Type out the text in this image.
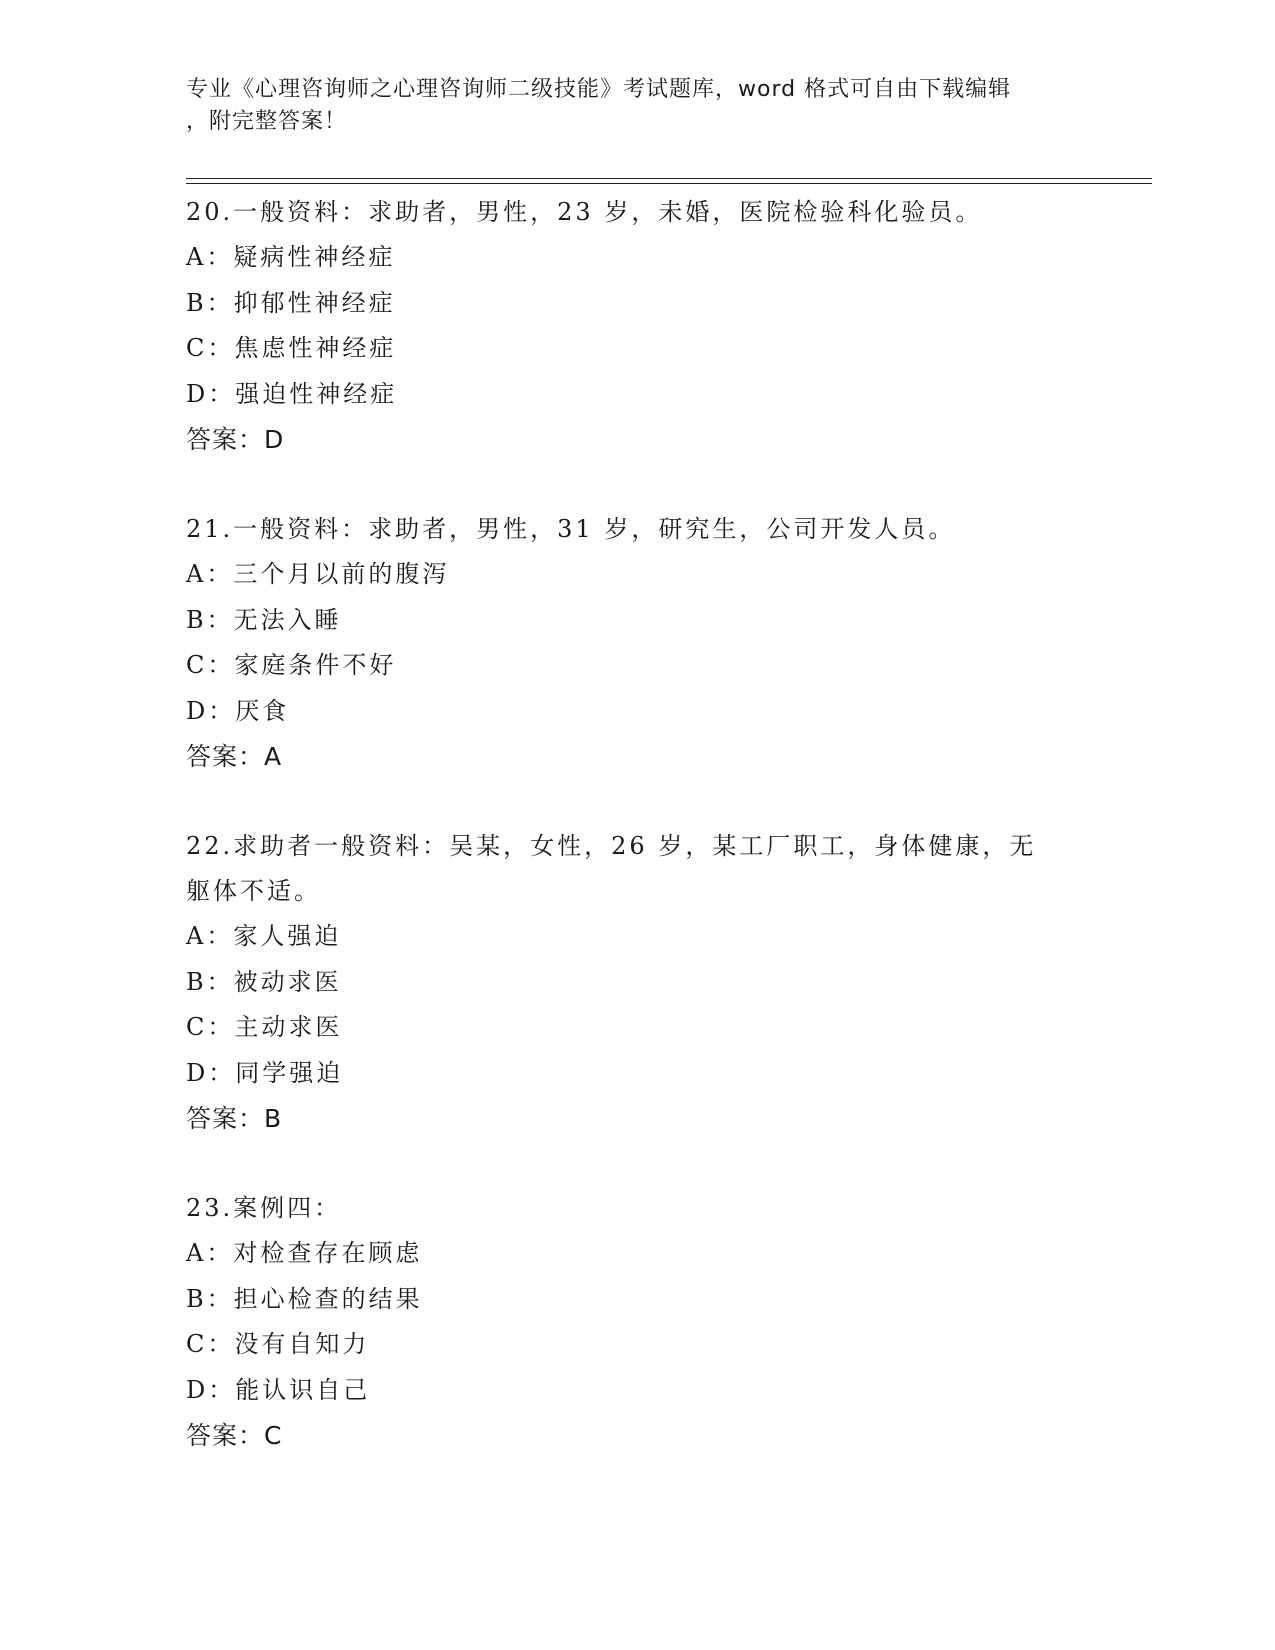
专业《心理咨询师之心理咨询师二级技能》考试题库，word 格式可自由下载编辑
，附完整答案！

20.一般资料：求助者，男性，23 岁，未婚，医院检验科化验员。

A：疑病性神经症

B：抑郁性神经症

C：焦虑性神经症

D：强迫性神经症

答案：D

21.一般资料：求助者，男性，31 岁，研究生，公司开发人员。

A：三个月以前的腹泻

B：无法入睡

C：家庭条件不好

D：厌食

答案：A

22.求助者一般资料：吴某，女性，26 岁，某工厂职工，身体健康，无

躯体不适。

A：家人强迫

B：被动求医

C：主动求医

D：同学强迫

答案：B

23.案例四：

A：对检查存在顾虑

B：担心检查的结果

C：没有自知力

D：能认识自己

答案：C
